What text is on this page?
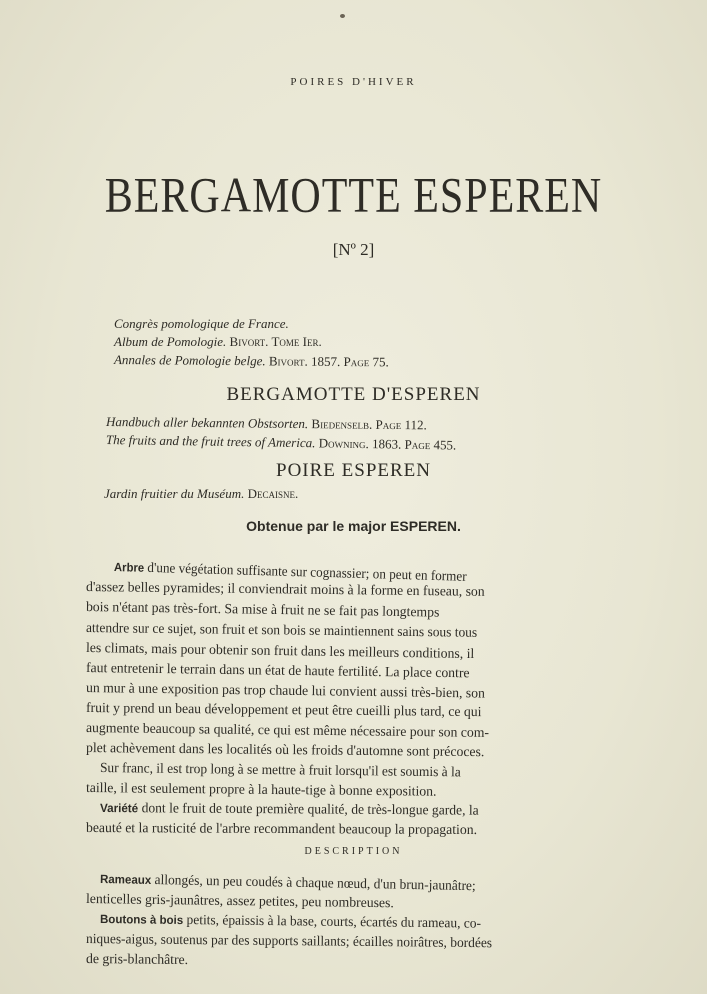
POIRES D'HIVER

BERGAMOTTE ESPEREN

[Nº 2]

Congrès pomologique de France.

Album de Pomologie. Bivort. Tome Ier.

Annales de Pomologie belge. Bivort. 1857. Page 75.

BERGAMOTTE D'ESPEREN

Handbuch aller bekannten Obstsorten. Biedenselb. Page 112.

The fruits and the fruit trees of America. Downing. 1863. Page 455.

POIRE ESPEREN

Jardin fruitier du Muséum. Decaisne.

Obtenue par le major ESPEREN.

Arbre d'une végétation suffisante sur cognassier; on peut en former

d'assez belles pyramides; il conviendrait moins à la forme en fuseau, son

bois n'étant pas très-fort. Sa mise à fruit ne se fait pas longtemps

attendre sur ce sujet, son fruit et son bois se maintiennent sains sous tous

les climats, mais pour obtenir son fruit dans les meilleurs conditions, il

faut entretenir le terrain dans un état de haute fertilité. La place contre

un mur à une exposition pas trop chaude lui convient aussi très-bien, son

fruit y prend un beau développement et peut être cueilli plus tard, ce qui

augmente beaucoup sa qualité, ce qui est même nécessaire pour son com-

plet achèvement dans les localités où les froids d'automne sont précoces.

Sur franc, il est trop long à se mettre à fruit lorsqu'il est soumis à la

taille, il est seulement propre à la haute-tige à bonne exposition.

Variété dont le fruit de toute première qualité, de très-longue garde, la

beauté et la rusticité de l'arbre recommandent beaucoup la propagation.

DESCRIPTION

Rameaux allongés, un peu coudés à chaque nœud, d'un brun-jaunâtre;

lenticelles gris-jaunâtres, assez petites, peu nombreuses.

Boutons à bois petits, épaissis à la base, courts, écartés du rameau, co-

niques-aigus, soutenus par des supports saillants; écailles noirâtres, bordées

de gris-blanchâtre.
